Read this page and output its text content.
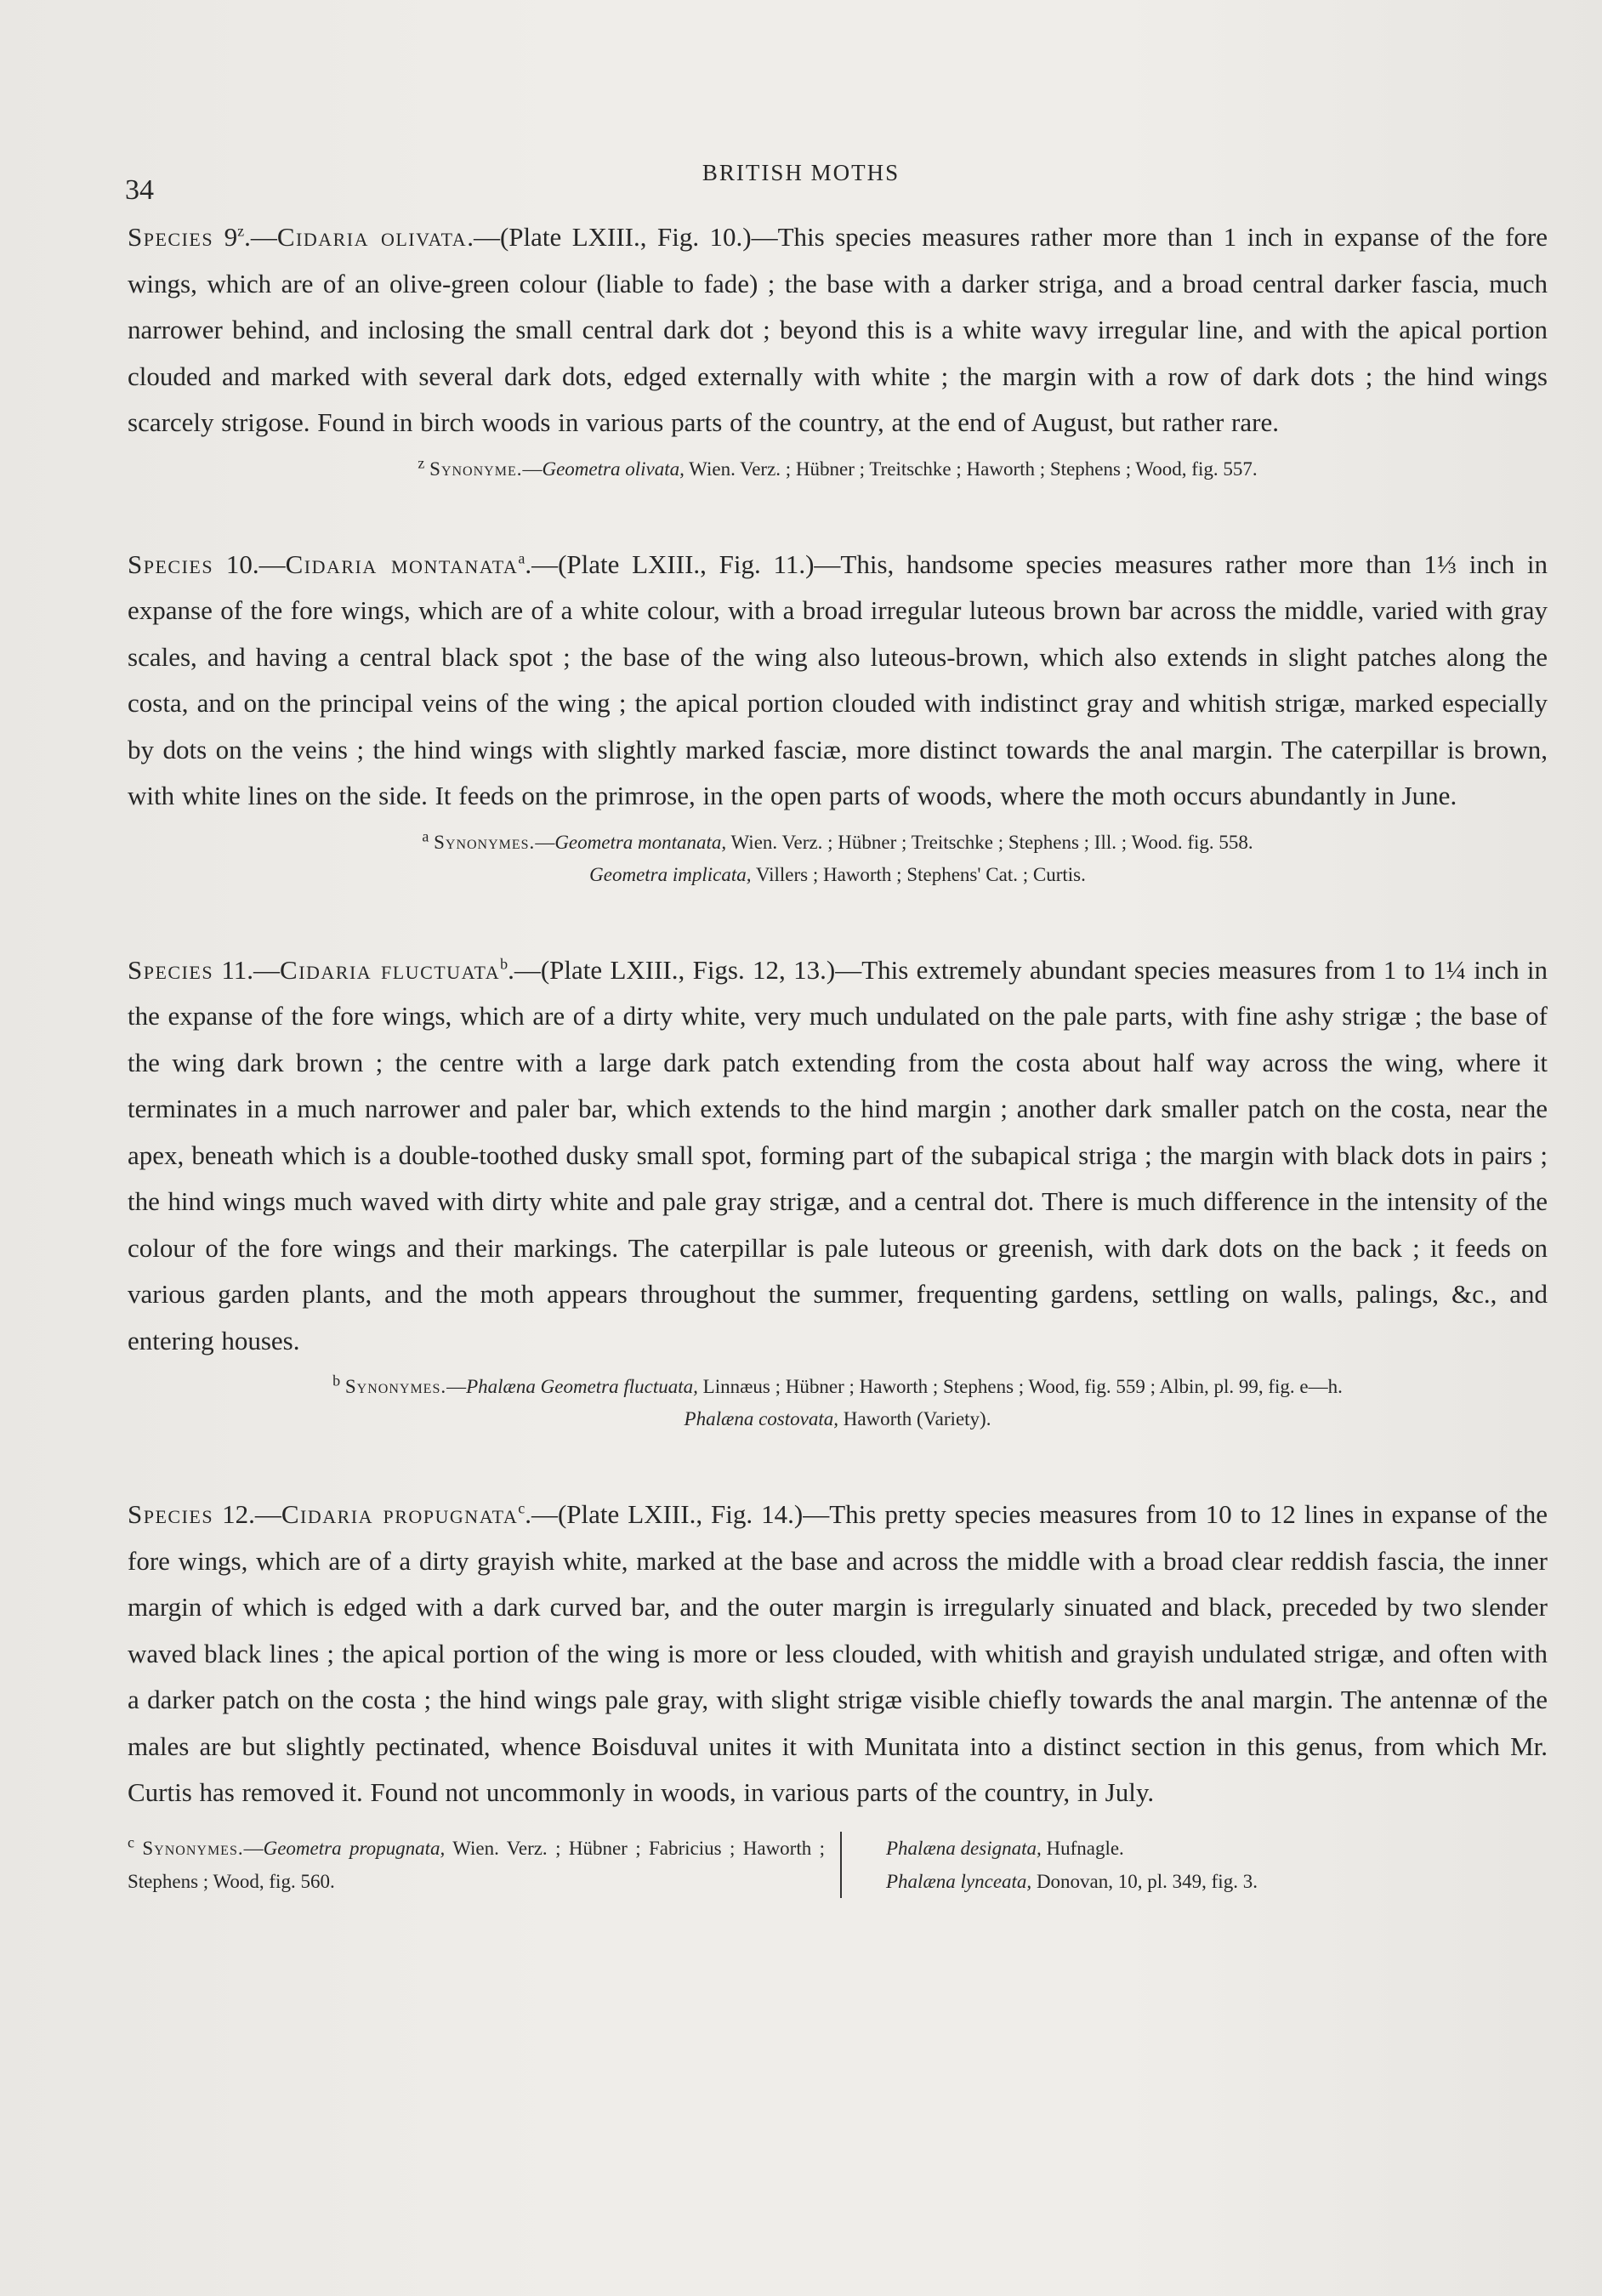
34
BRITISH MOTHS

Species 9$^z$.—Cidaria olivata.—(Plate LXIII., Fig. 10.)—This species measures rather more than 1 inch in expanse of the fore wings, which are of an olive-green colour (liable to fade) ; the base with a darker striga, and a broad central darker fascia, much narrower behind, and inclosing the small central dark dot ; beyond this is a white wavy irregular line, and with the apical portion clouded and marked with several dark dots, edged externally with white ; the margin with a row of dark dots ; the hind wings scarcely strigose. Found in birch woods in various parts of the country, at the end of August, but rather rare.

$^z$ Synonyme.—Geometra olivata, Wien. Verz. ; Hübner ; Treitschke ; Haworth ; Stephens ; Wood, fig. 557.

Species 10.—Cidaria montanata$^a$.—(Plate LXIII., Fig. 11.)—This, handsome species measures rather more than 1⅓ inch in expanse of the fore wings, which are of a white colour, with a broad irregular luteous brown bar across the middle, varied with gray scales, and having a central black spot ; the base of the wing also luteous-brown, which also extends in slight patches along the costa, and on the principal veins of the wing ; the apical portion clouded with indistinct gray and whitish strigæ, marked especially by dots on the veins ; the hind wings with slightly marked fasciæ, more distinct towards the anal margin. The caterpillar is brown, with white lines on the side. It feeds on the primrose, in the open parts of woods, where the moth occurs abundantly in June.

$^a$ Synonymes.—Geometra montanata, Wien. Verz. ; Hübner ; Treitschke ; Stephens ; Ill. ; Wood. fig. 558.
Geometra implicata, Villers ; Haworth ; Stephens' Cat. ; Curtis.

Species 11.—Cidaria fluctuata$^b$.—(Plate LXIII., Figs. 12, 13.)—This extremely abundant species measures from 1 to 1¼ inch in the expanse of the fore wings, which are of a dirty white, very much undulated on the pale parts, with fine ashy strigæ ; the base of the wing dark brown ; the centre with a large dark patch extending from the costa about half way across the wing, where it terminates in a much narrower and paler bar, which extends to the hind margin ; another dark smaller patch on the costa, near the apex, beneath which is a double-toothed dusky small spot, forming part of the subapical striga ; the margin with black dots in pairs ; the hind wings much waved with dirty white and pale gray strigæ, and a central dot. There is much difference in the intensity of the colour of the fore wings and their markings. The caterpillar is pale luteous or greenish, with dark dots on the back ; it feeds on various garden plants, and the moth appears throughout the summer, frequenting gardens, settling on walls, palings, &c., and entering houses.

$^b$ Synonymes.—Phalæna Geometra fluctuata, Linnæus ; Hübner ; Haworth ; Stephens ; Wood, fig. 559 ; Albin, pl. 99, fig. e—h.
Phalæna costovata, Haworth (Variety).

Species 12.—Cidaria propugnata$^c$.—(Plate LXIII., Fig. 14.)—This pretty species measures from 10 to 12 lines in expanse of the fore wings, which are of a dirty grayish white, marked at the base and across the middle with a broad clear reddish fascia, the inner margin of which is edged with a dark curved bar, and the outer margin is irregularly sinuated and black, preceded by two slender waved black lines ; the apical portion of the wing is more or less clouded, with whitish and grayish undulated strigæ, and often with a darker patch on the costa ; the hind wings pale gray, with slight strigæ visible chiefly towards the anal margin. The antennæ of the males are but slightly pectinated, whence Boisduval unites it with Munitata into a distinct section in this genus, from which Mr. Curtis has removed it. Found not uncommonly in woods, in various parts of the country, in July.

$^c$ Synonymes.—Geometra propugnata, Wien. Verz. ; Hübner ; Fabricius ; Haworth ; Stephens ; Wood, fig. 560.
Phalæna designata, Hufnagle.
Phalæna lynceata, Donovan, 10, pl. 349, fig. 3.
